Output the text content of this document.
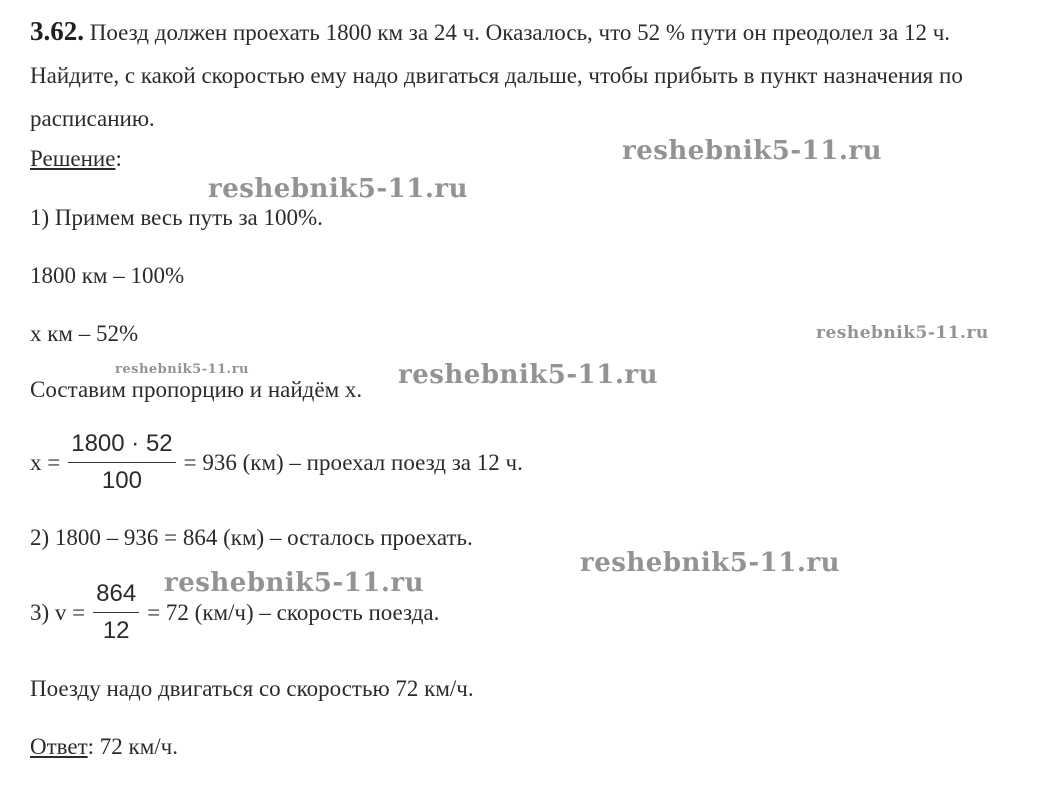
3.62. Поезд должен проехать 1800 км за 24 ч. Оказалось, что 52 % пути он преодолел за 12 ч. Найдите, с какой скоростью ему надо двигаться дальше, чтобы прибыть в пункт назначения по расписанию.
Решение:
1) Примем весь путь за 100%.
1800 км – 100%
х км – 52%
Составим пропорцию и найдём х.
$х = \frac{1800 \cdot 52}{100} = 936$ (км) – проехал поезд за 12 ч.
2) 1800 – 936 = 864 (км) – осталось проехать.
3) $v = \frac{864}{12} = 72$ (км/ч) – скорость поезда.
Поезду надо двигаться со скоростью 72 км/ч.
Ответ: 72 км/ч.
reshebnik5-11.ru
reshebnik5-11.ru
reshebnik5-11.ru
reshebnik5-11.ru	reshebnik5-11.ru
reshebnik5-11.ru
reshebnik5-11.ru
